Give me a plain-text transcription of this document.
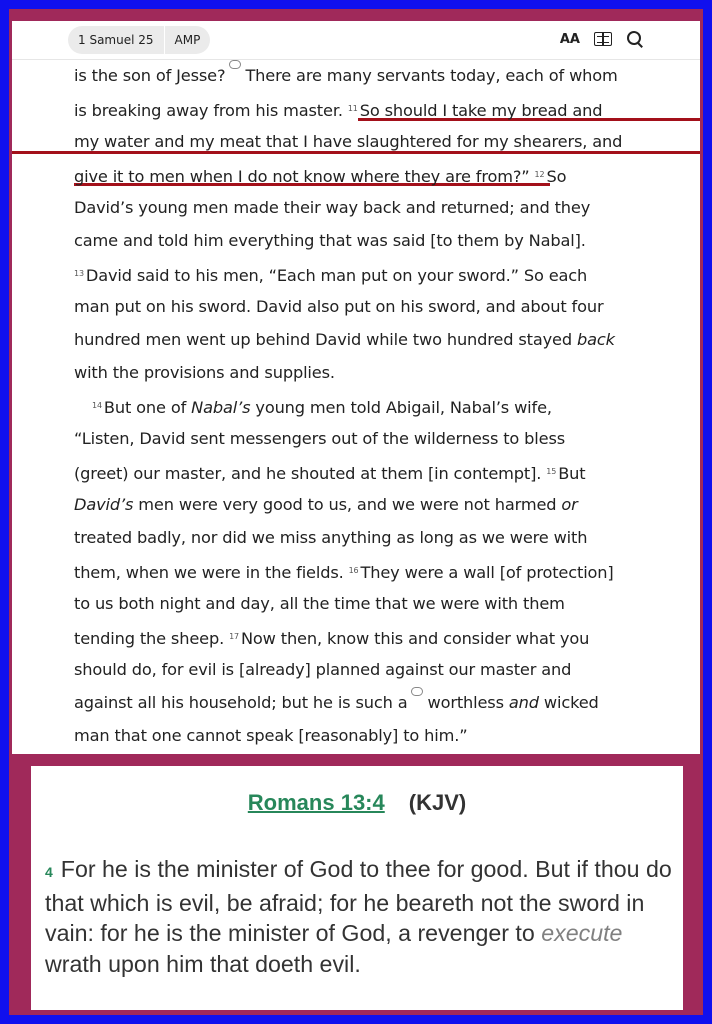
1 Samuel 25	AMP	AA
is the son of Jesse? There are many servants today, each of whom
is breaking away from his master. $^{11}$ So should I take my bread and
my water and my meat that I have slaughtered for my shearers, and
give it to men when I do not know where they are from?” $^{12}$ So
David’s young men made their way back and returned; and they
came and told him everything that was said [to them by Nabal].
$^{13}$ David said to his men, “Each man put on your sword.” So each
man put on his sword. David also put on his sword, and about four
hundred men went up behind David while two hundred stayed back
with the provisions and supplies.
$^{14}$ But one of Nabal’s young men told Abigail, Nabal’s wife,
“Listen, David sent messengers out of the wilderness to bless
(greet) our master, and he shouted at them [in contempt]. $^{15}$ But
David’s men were very good to us, and we were not harmed or
treated badly, nor did we miss anything as long as we were with
them, when we were in the fields. $^{16}$ They were a wall [of protection]
to us both night and day, all the time that we were with them
tending the sheep. $^{17}$ Now then, know this and consider what you
should do, for evil is [already] planned against our master and
against all his household; but he is such a worthless and wicked
man that one cannot speak [reasonably] to him.”
Romans 13:4 (KJV)
4 For he is the minister of God to thee for good. But if thou do that which is evil, be afraid; for he beareth not the sword in vain: for he is the minister of God, a revenger to execute wrath upon him that doeth evil.
